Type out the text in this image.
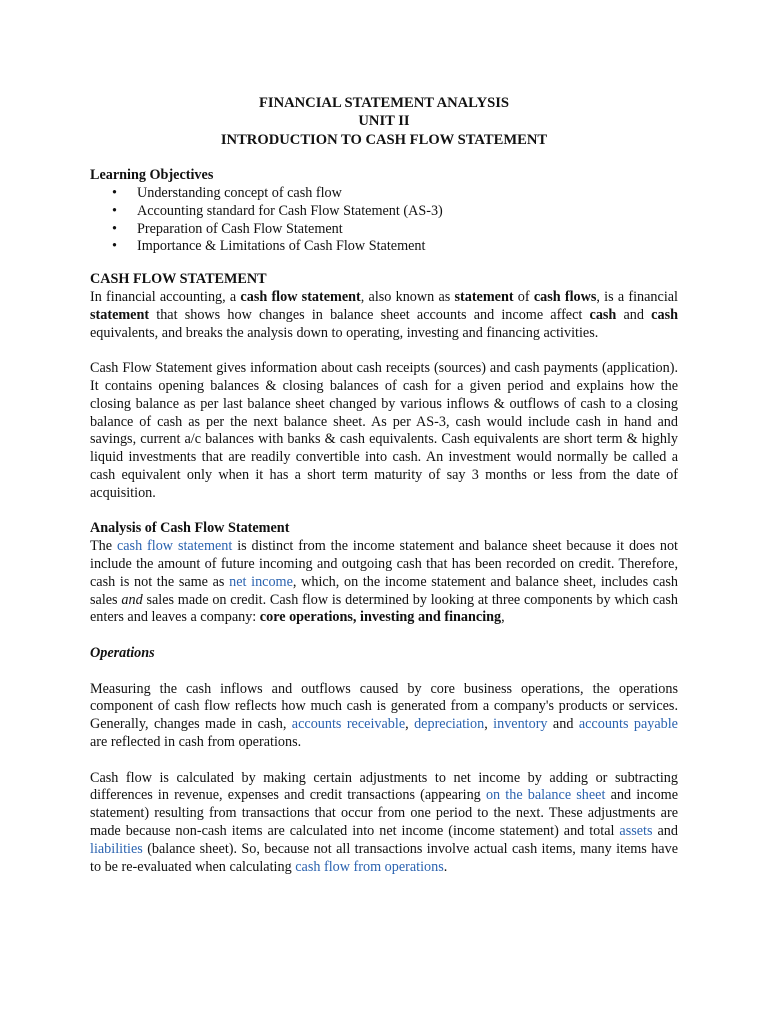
FINANCIAL STATEMENT ANALYSIS
UNIT II
INTRODUCTION TO CASH FLOW STATEMENT
Learning Objectives
• Understanding concept of cash flow
• Accounting standard for Cash Flow Statement (AS-3)
• Preparation of Cash Flow Statement
• Importance & Limitations of Cash Flow Statement
CASH FLOW STATEMENT

In financial accounting, a cash flow statement, also known as statement of cash flows, is a financial statement that shows how changes in balance sheet accounts and income affect cash and cash equivalents, and breaks the analysis down to operating, investing and financing activities.

Cash Flow Statement gives information about cash receipts (sources) and cash payments (application). It contains opening balances & closing balances of cash for a given period and explains how the closing balance as per last balance sheet changed by various inflows & outflows of cash to a closing balance of cash as per the next balance sheet. As per AS-3, cash would include cash in hand and savings, current a/c balances with banks & cash equivalents. Cash equivalents are short term & highly liquid investments that are readily convertible into cash. An investment would normally be called a cash equivalent only when it has a short term maturity of say 3 months or less from the date of acquisition.

Analysis of Cash Flow Statement

The cash flow statement is distinct from the income statement and balance sheet because it does not include the amount of future incoming and outgoing cash that has been recorded on credit. Therefore, cash is not the same as net income, which, on the income statement and balance sheet, includes cash sales and sales made on credit. Cash flow is determined by looking at three components by which cash enters and leaves a company: core operations, investing and financing,

Operations

Measuring the cash inflows and outflows caused by core business operations, the operations component of cash flow reflects how much cash is generated from a company's products or services. Generally, changes made in cash, accounts receivable, depreciation, inventory and accounts payable are reflected in cash from operations.

Cash flow is calculated by making certain adjustments to net income by adding or subtracting differences in revenue, expenses and credit transactions (appearing on the balance sheet and income statement) resulting from transactions that occur from one period to the next. These adjustments are made because non-cash items are calculated into net income (income statement) and total assets and liabilities (balance sheet). So, because not all transactions involve actual cash items, many items have to be re-evaluated when calculating cash flow from operations.
